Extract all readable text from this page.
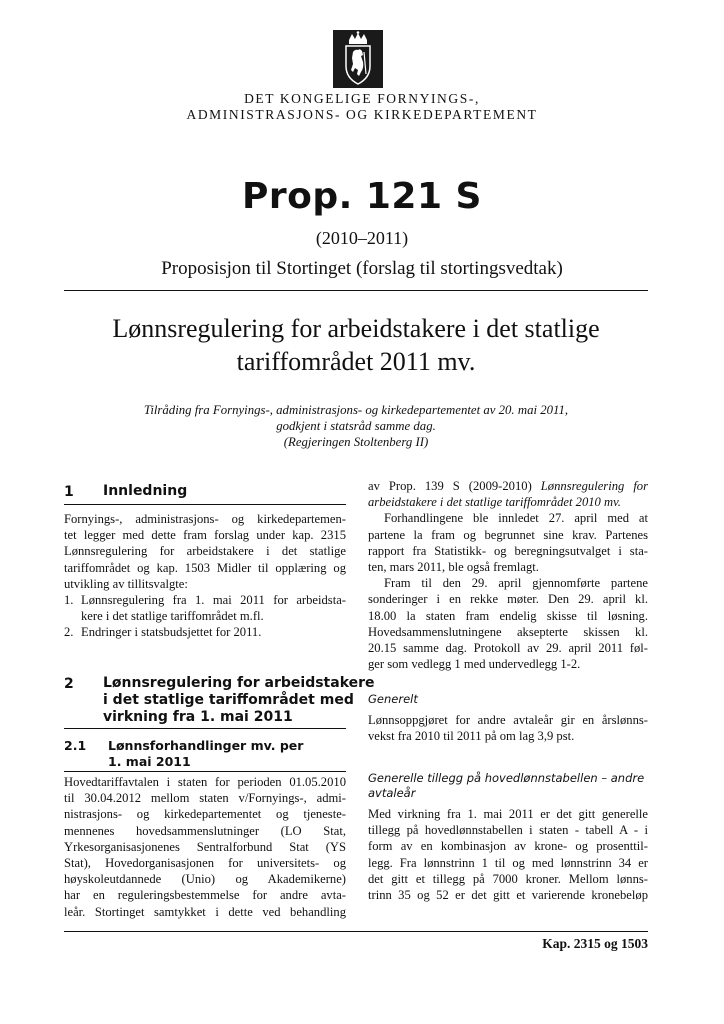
DET KONGELIGE FORNYINGS-,
ADMINISTRASJONS- OG KIRKEDEPARTEMENT
Prop. 121 S
(2010–2011)
Proposisjon til Stortinget (forslag til stortingsvedtak)
Lønnsregulering for arbeidstakere i det statlige
tariffområdet 2011 mv.
Tilråding fra Fornyings-, administrasjons- og kirkedepartementet av 20. mai 2011,
godkjent i statsråd samme dag.
(Regjeringen Stoltenberg II)
1 Innledning
Fornyings-, administrasjons- og kirkedepartemen-
tet legger med dette fram forslag under kap. 2315
Lønnsregulering for arbeidstakere i det statlige
tariffområdet og kap. 1503 Midler til opplæring og
utvikling av tillitsvalgte:
1. Lønnsregulering fra 1. mai 2011 for arbeidsta-
kere i det statlige tariffområdet m.fl.
2. Endringer i statsbudsjettet for 2011.
2 Lønnsregulering for arbeidstakere
i det statlige tariffområdet med
virkning fra 1. mai 2011
2.1 Lønnsforhandlinger mv. per
1. mai 2011
Hovedtariffavtalen i staten for perioden 01.05.2010
til 30.04.2012 mellom staten v/Fornyings-, admi-
nistrasjons- og kirkedepartementet og tjeneste-
mennenes hovedsammenslutninger (LO Stat,
Yrkesorganisasjonenes Sentralforbund Stat (YS
Stat), Hovedorganisasjonen for universitets- og
høyskoleutdannede (Unio) og Akademikerne)
har en reguleringsbestemmelse for andre avta-
leår. Stortinget samtykket i dette ved behandling
av Prop. 139 S (2009-2010) Lønnsregulering for
arbeidstakere i det statlige tariffområdet 2010 mv.
Forhandlingene ble innledet 27. april med at
partene la fram og begrunnet sine krav. Partenes
rapport fra Statistikk- og beregningsutvalget i sta-
ten, mars 2011, ble også fremlagt.
Fram til den 29. april gjennomførte partene
sonderinger i en rekke møter. Den 29. april kl.
18.00 la staten fram endelig skisse til løsning.
Hovedsammenslutningene aksepterte skissen kl.
20.15 samme dag. Protokoll av 29. april 2011 føl-
ger som vedlegg 1 med undervedlegg 1-2.
Generelt
Lønnsoppgjøret for andre avtaleår gir en årslønns-
vekst fra 2010 til 2011 på om lag 3,9 pst.
Generelle tillegg på hovedlønnstabellen – andre
avtaleår
Med virkning fra 1. mai 2011 er det gitt generelle
tillegg på hovedlønnstabellen i staten - tabell A - i
form av en kombinasjon av krone- og prosenttil-
legg. Fra lønnstrinn 1 til og med lønnstrinn 34 er
det gitt et tillegg på 7000 kroner. Mellom lønns-
trinn 35 og 52 er det gitt et varierende kronebeløp
Kap. 2315 og 1503
